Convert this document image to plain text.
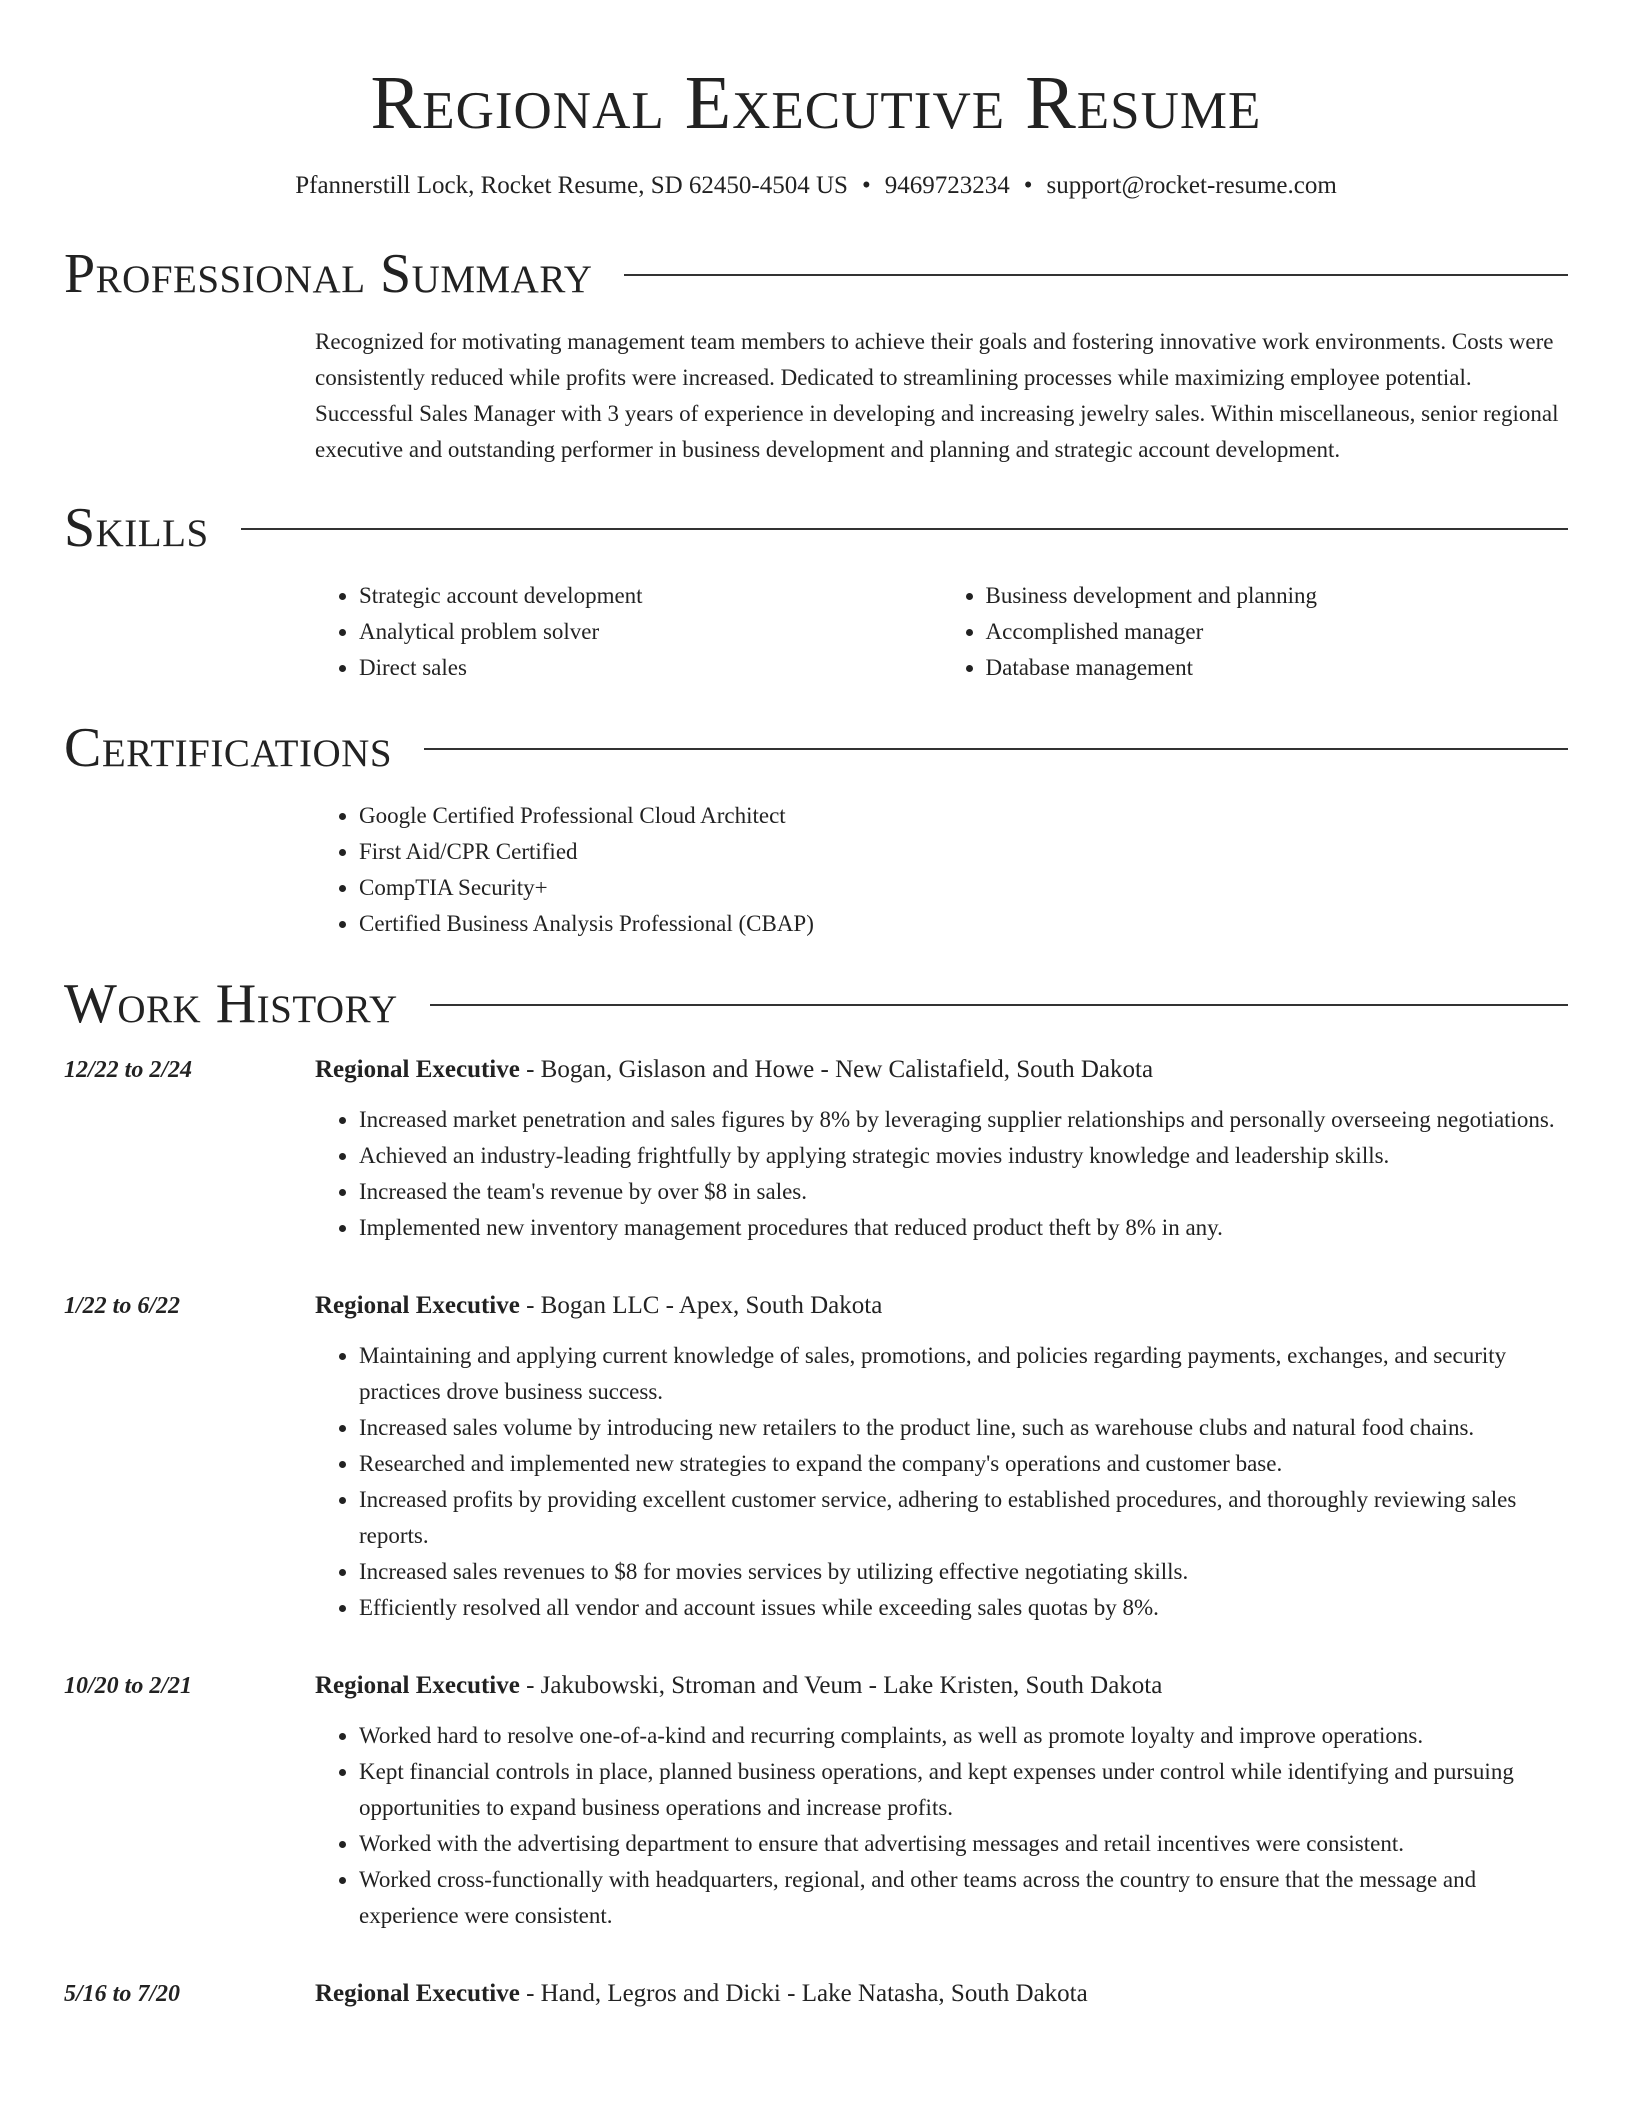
Regional Executive Resume
Pfannerstill Lock, Rocket Resume, SD 62450-4504 US • 9469723234 • support@rocket-resume.com
Professional Summary
Recognized for motivating management team members to achieve their goals and fostering innovative work environments. Costs were consistently reduced while profits were increased. Dedicated to streamlining processes while maximizing employee potential. Successful Sales Manager with 3 years of experience in developing and increasing jewelry sales. Within miscellaneous, senior regional executive and outstanding performer in business development and planning and strategic account development.
Skills
• Strategic account development
• Analytical problem solver
• Direct sales
• Business development and planning
• Accomplished manager
• Database management
Certifications
• Google Certified Professional Cloud Architect
• First Aid/CPR Certified
• CompTIA Security+
• Certified Business Analysis Professional (CBAP)
Work History
12/22 to 2/24	Regional Executive - Bogan, Gislason and Howe - New Calistafield, South Dakota
• Increased market penetration and sales figures by 8% by leveraging supplier relationships and personally overseeing negotiations.
• Achieved an industry-leading frightfully by applying strategic movies industry knowledge and leadership skills.
• Increased the team's revenue by over $8 in sales.
• Implemented new inventory management procedures that reduced product theft by 8% in any.
1/22 to 6/22	Regional Executive - Bogan LLC - Apex, South Dakota
• Maintaining and applying current knowledge of sales, promotions, and policies regarding payments, exchanges, and security practices drove business success.
• Increased sales volume by introducing new retailers to the product line, such as warehouse clubs and natural food chains.
• Researched and implemented new strategies to expand the company's operations and customer base.
• Increased profits by providing excellent customer service, adhering to established procedures, and thoroughly reviewing sales reports.
• Increased sales revenues to $8 for movies services by utilizing effective negotiating skills.
• Efficiently resolved all vendor and account issues while exceeding sales quotas by 8%.
10/20 to 2/21	Regional Executive - Jakubowski, Stroman and Veum - Lake Kristen, South Dakota
• Worked hard to resolve one-of-a-kind and recurring complaints, as well as promote loyalty and improve operations.
• Kept financial controls in place, planned business operations, and kept expenses under control while identifying and pursuing opportunities to expand business operations and increase profits.
• Worked with the advertising department to ensure that advertising messages and retail incentives were consistent.
• Worked cross-functionally with headquarters, regional, and other teams across the country to ensure that the message and experience were consistent.
5/16 to 7/20	Regional Executive - Hand, Legros and Dicki - Lake Natasha, South Dakota
